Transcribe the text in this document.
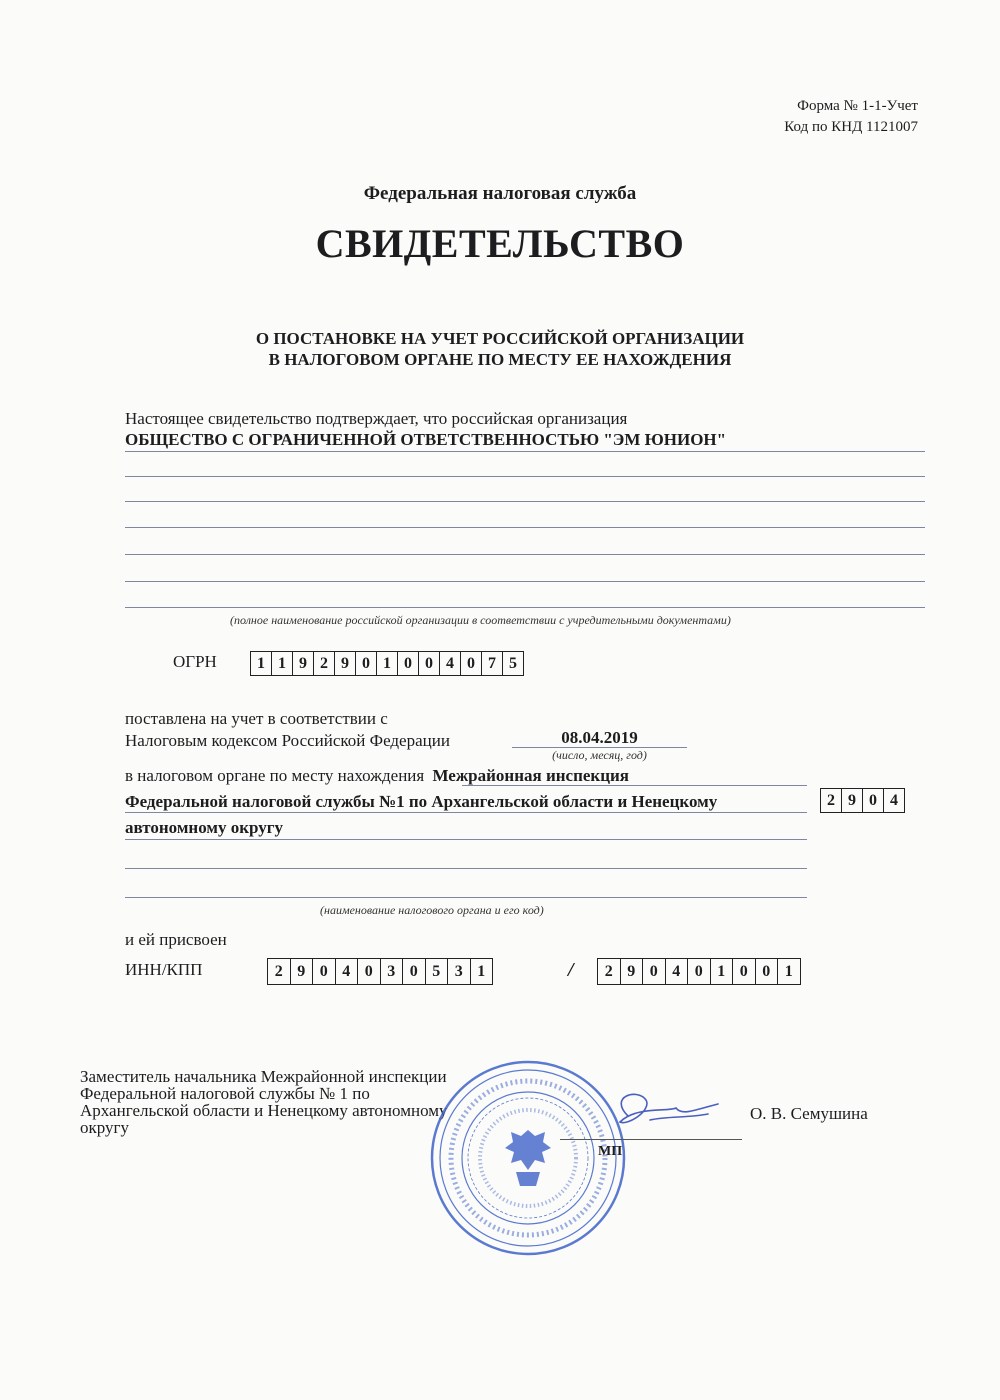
Форма № 1-1-Учет
Код по КНД 1121007
Федеральная налоговая служба
СВИДЕТЕЛЬСТВО
О ПОСТАНОВКЕ НА УЧЕТ РОССИЙСКОЙ ОРГАНИЗАЦИИ
В НАЛОГОВОМ ОРГАНЕ ПО МЕСТУ ЕЕ НАХОЖДЕНИЯ
Настоящее свидетельство подтверждает, что российская организация
ОБЩЕСТВО С ОГРАНИЧЕННОЙ ОТВЕТСТВЕННОСТЬЮ "ЭМ ЮНИОН"
(полное наименование российской организации в соответствии с учредительными документами)
ОГРН	1 1 9 2 9 0 1 0 0 4 0 7 5
поставлена на учет в соответствии с
Налоговым кодексом Российской Федерации	08.04.2019
(число, месяц, год)
в налоговом органе по месту нахождения Межрайонная инспекция
Федеральной налоговой службы №1 по Архангельской области и Ненецкому	2 9 0 4
автономному округу
(наименование налогового органа и его код)
и ей присвоен
ИНН/КПП	2 9 0 4 0 3 0 5 3 1	/	2 9 0 4 0 1 0 0 1
Заместитель начальника Межрайонной инспекции
Федеральной налоговой службы № 1 по
Архангельской области и Ненецкому автономному
округу
О. В. Семушина
МП
